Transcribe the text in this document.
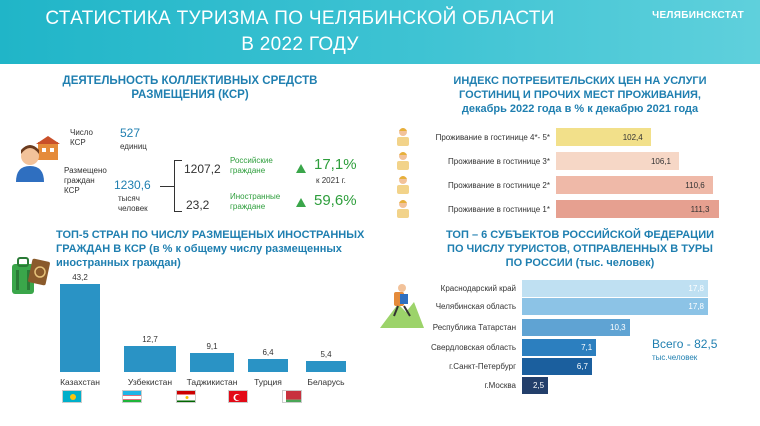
СТАТИСТИКА ТУРИЗМА ПО ЧЕЛЯБИНСКОЙ ОБЛАСТИ
В 2022 ГОДУ
ЧЕЛЯБИНСКСТАТ
ДЕЯТЕЛЬНОСТЬ КОЛЛЕКТИВНЫХ СРЕДСТВ
РАЗМЕЩЕНИЯ (КСР)
Число КСР
527
единиц
Размещено граждан КСР	1230,6
тысяч человек
1207,2
Российские граждане	17,1%
к 2021 г.
23,2
Иностранные граждане	59,6%
ИНДЕКС ПОТРЕБИТЕЛЬСКИХ ЦЕН НА УСЛУГИ
ГОСТИНИЦ И ПРОЧИХ МЕСТ ПРОЖИВАНИЯ,
декабрь 2022 года в % к декабрю 2021 года
102,4
Проживание в гостинице 4*- 5*
106,1
Проживание в гостинице 3*
110,6
Проживание в гостинице 2*
111,3
Проживание в гостинице 1*
ТОП-5 СТРАН ПО ЧИСЛУ РАЗМЕЩЕНЫХ ИНОСТРАННЫХ
ГРАЖДАН В КСР (в % к общему числу размещенных
иностранных граждан)
43,2
Казахстан
12,7
Узбекистан
9,1
Таджикистан
6,4
Турция
5,4
Беларусь
ТОП – 6 СУБЪЕКТОВ РОССИЙСКОЙ ФЕДЕРАЦИИ
ПО ЧИСЛУ ТУРИСТОВ, ОТПРАВЛЕННЫХ В ТУРЫ
ПО РОССИИ (тыс. человек)
17,8
Краснодарский край
17,8
Челябинская область
10,3
Республика Татарстан
7,1
Свердловская область
6,7
г.Санкт-Петербург
2,5
г.Москва
Всего - 82,5
тыс.человек
